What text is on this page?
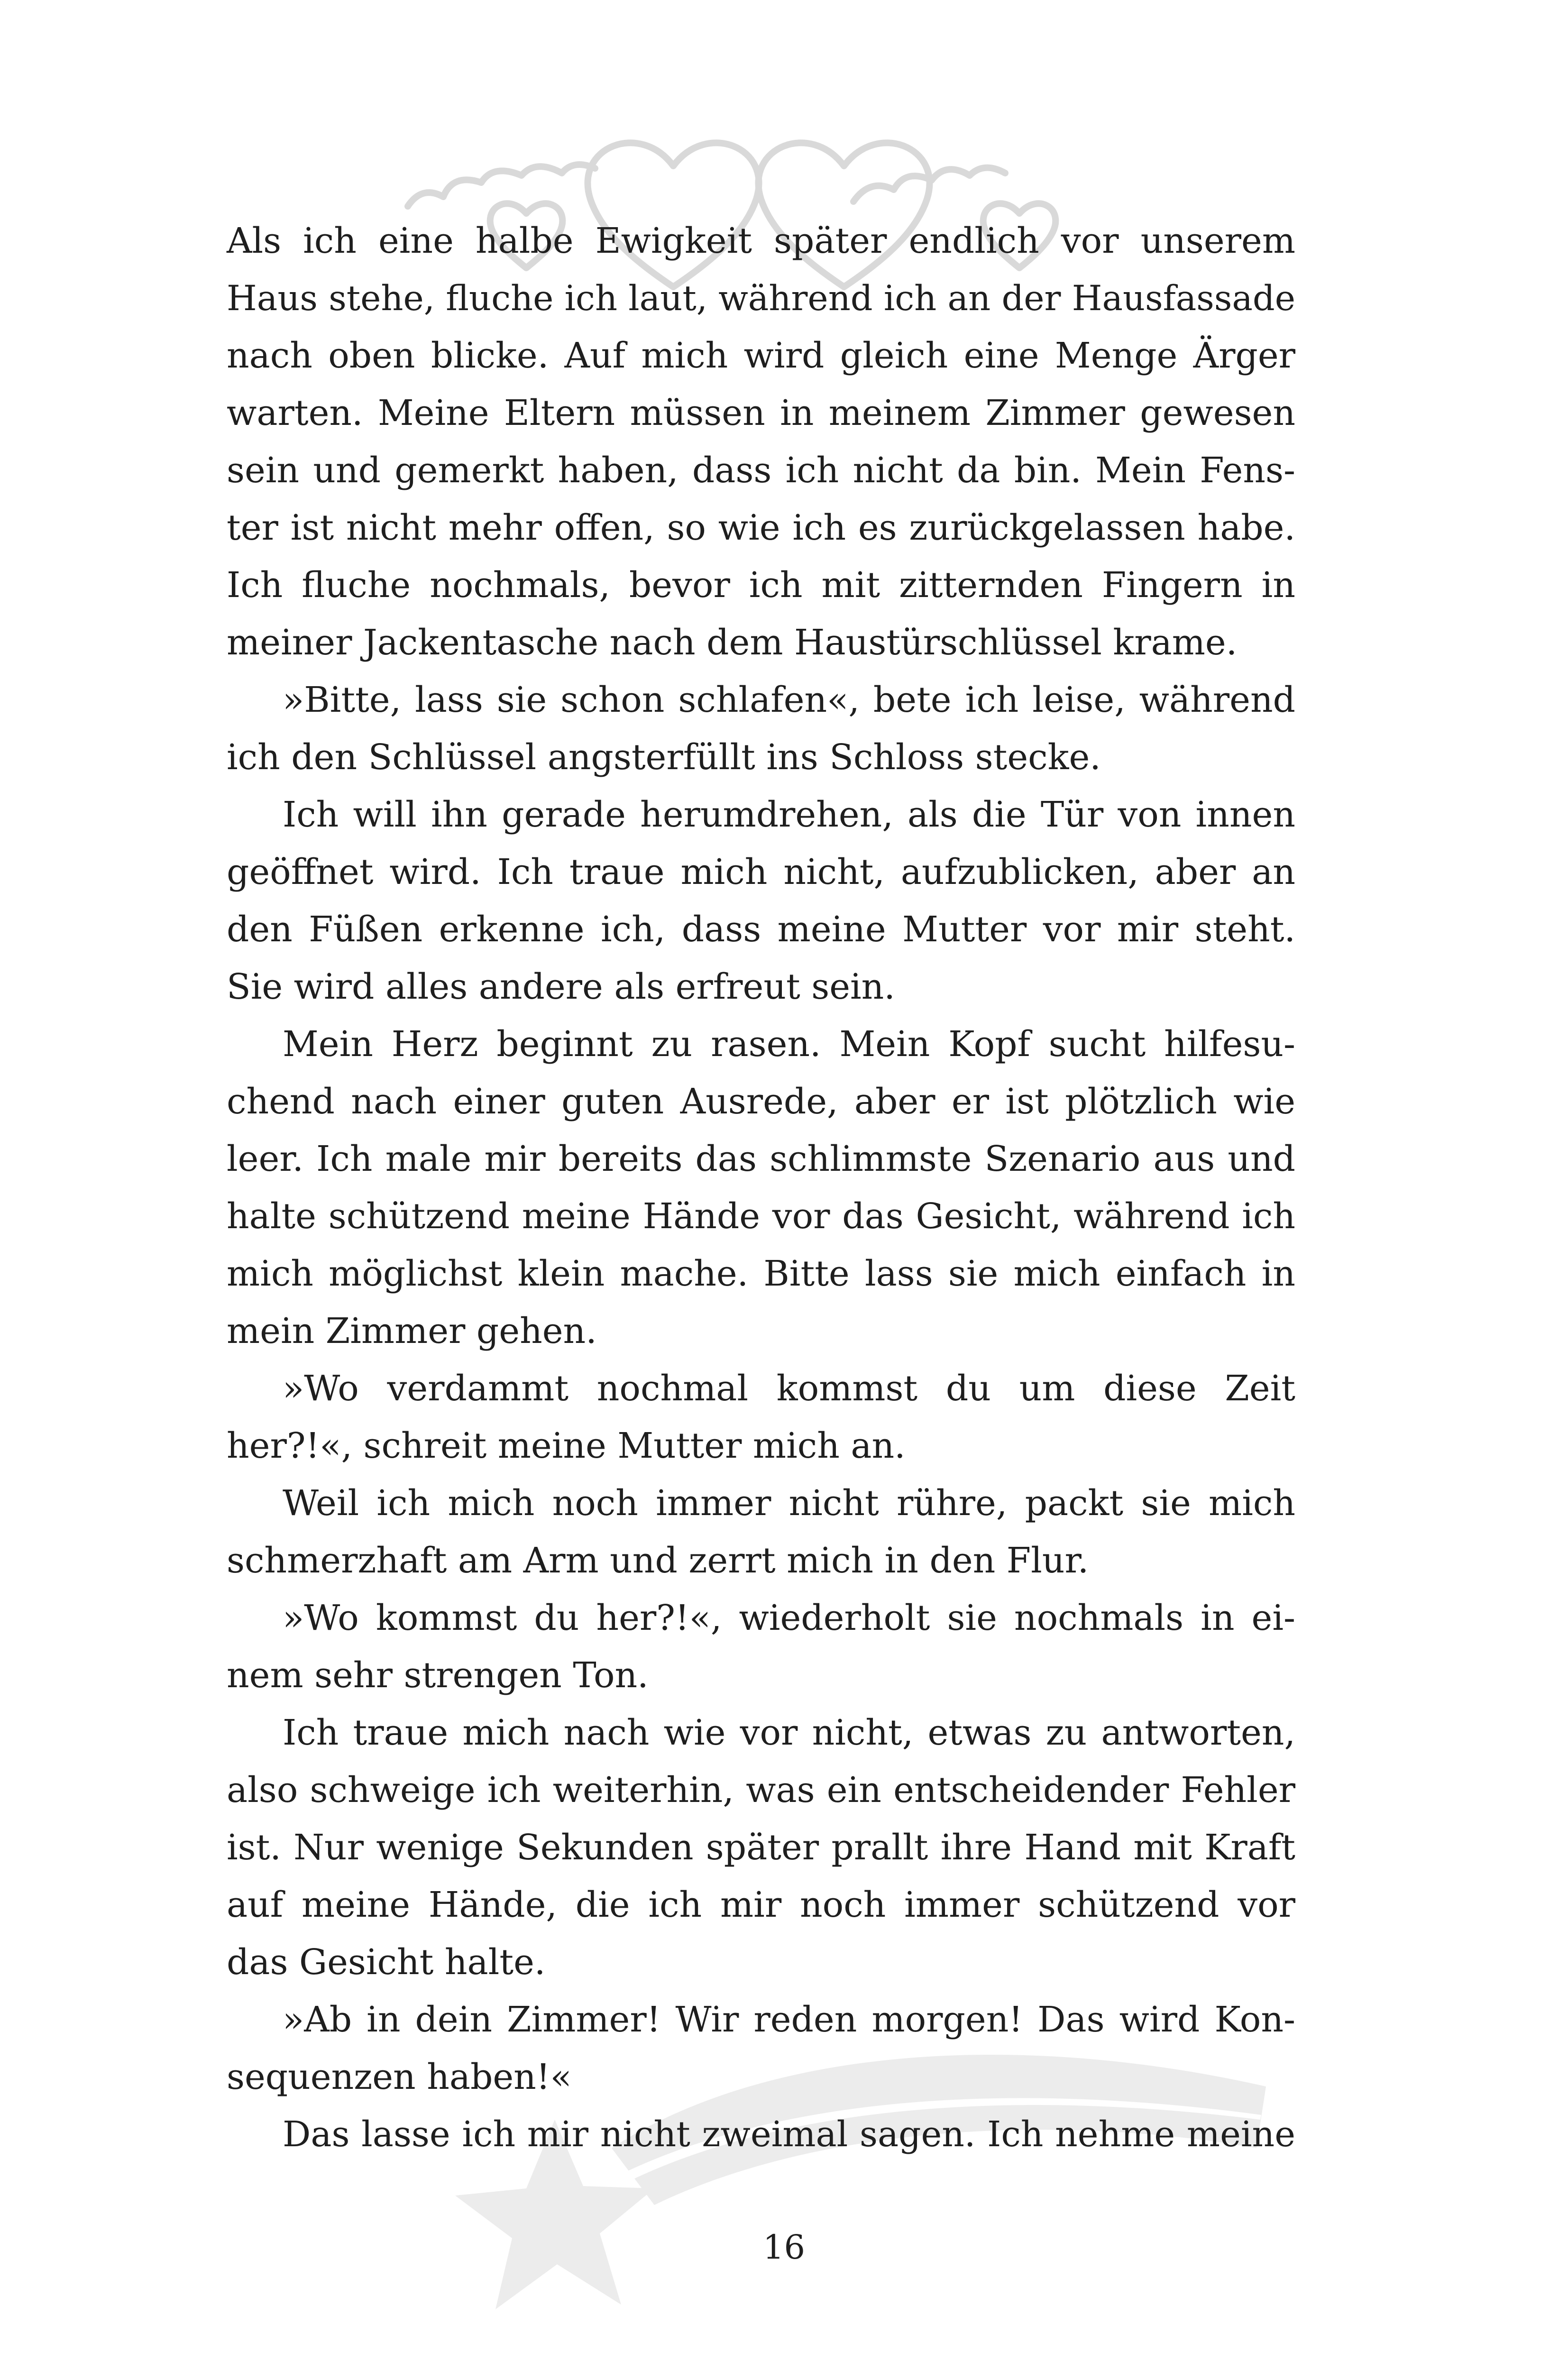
Als ich eine halbe Ewigkeit später endlich vor unserem
Haus stehe, fluche ich laut, während ich an der Hausfassade
nach oben blicke. Auf mich wird gleich eine Menge Ärger
warten. Meine Eltern müssen in meinem Zimmer gewesen
sein und gemerkt haben, dass ich nicht da bin. Mein Fens-
ter ist nicht mehr offen, so wie ich es zurückgelassen habe.
Ich fluche nochmals, bevor ich mit zitternden Fingern in
meiner Jackentasche nach dem Haustürschlüssel krame.

»Bitte, lass sie schon schlafen«, bete ich leise, während
ich den Schlüssel angsterfüllt ins Schloss stecke.

Ich will ihn gerade herumdrehen, als die Tür von innen
geöffnet wird. Ich traue mich nicht, aufzublicken, aber an
den Füßen erkenne ich, dass meine Mutter vor mir steht.
Sie wird alles andere als erfreut sein.

Mein Herz beginnt zu rasen. Mein Kopf sucht hilfesu-
chend nach einer guten Ausrede, aber er ist plötzlich wie
leer. Ich male mir bereits das schlimmste Szenario aus und
halte schützend meine Hände vor das Gesicht, während ich
mich möglichst klein mache. Bitte lass sie mich einfach in
mein Zimmer gehen.

»Wo verdammt nochmal kommst du um diese Zeit
her?!«, schreit meine Mutter mich an.

Weil ich mich noch immer nicht rühre, packt sie mich
schmerzhaft am Arm und zerrt mich in den Flur.

»Wo kommst du her?!«, wiederholt sie nochmals in ei-
nem sehr strengen Ton.

Ich traue mich nach wie vor nicht, etwas zu antworten,
also schweige ich weiterhin, was ein entscheidender Fehler
ist. Nur wenige Sekunden später prallt ihre Hand mit Kraft
auf meine Hände, die ich mir noch immer schützend vor
das Gesicht halte.

»Ab in dein Zimmer! Wir reden morgen! Das wird Kon-
sequenzen haben!«

Das lasse ich mir nicht zweimal sagen. Ich nehme meine

16
